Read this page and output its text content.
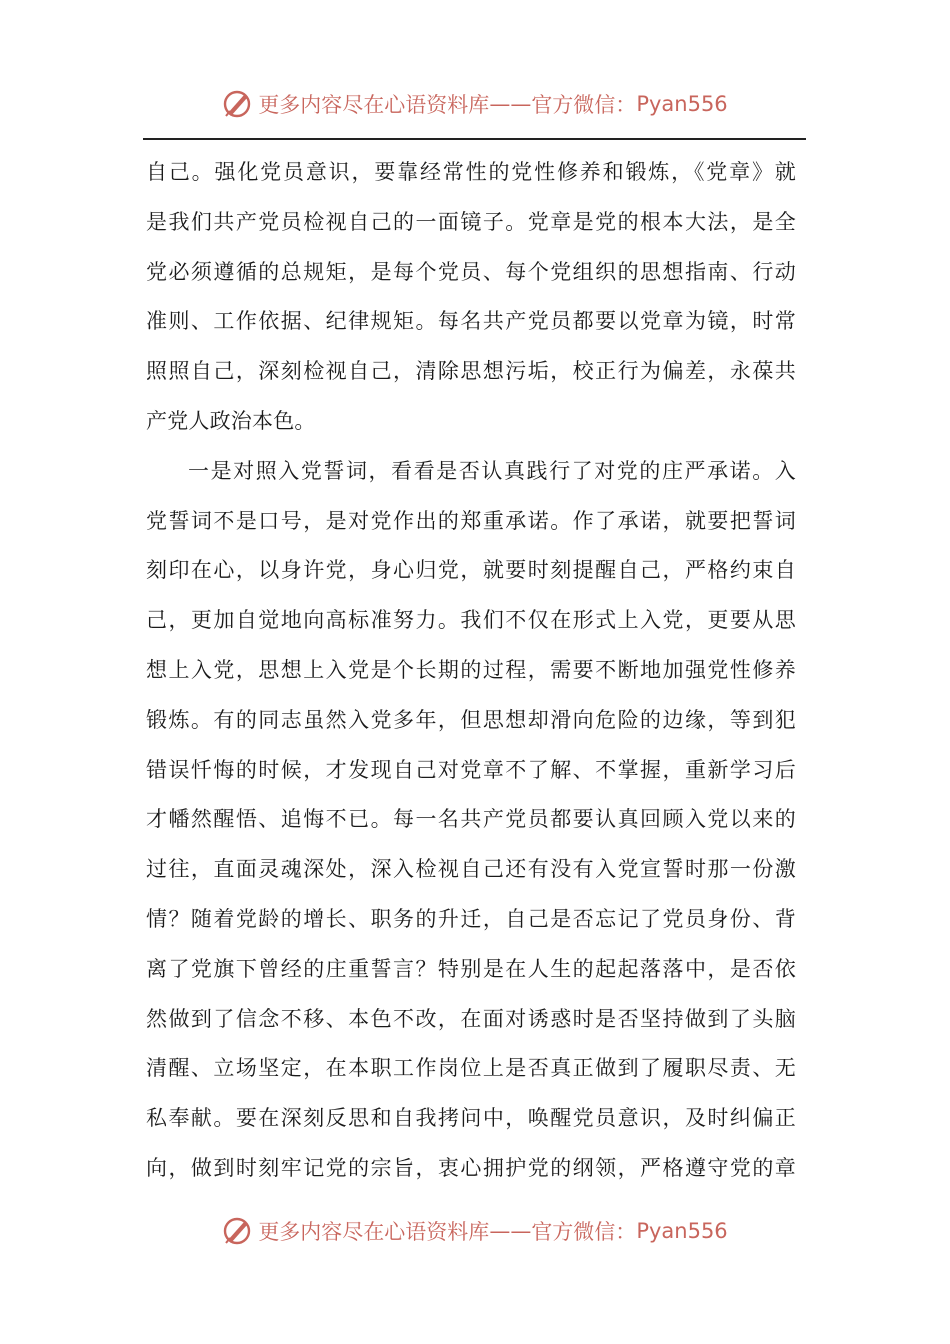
更多内容尽在心语资料库 —— 官方微信： Pyan556
自己。强化党员意识，要靠经常性的党性修养和锻炼，《党章》就
是我们共产党员检视自己的一面镜子。党章是党的根本大法，是全
党必须遵循的总规矩，是每个党员、每个党组织的思想指南、行动
准则、工作依据、纪律规矩。每名共产党员都要以党章为镜，时常
照照自己，深刻检视自己，清除思想污垢，校正行为偏差，永葆共
产党人政治本色。
一是对照入党誓词，看看是否认真践行了对党的庄严承诺。入
党誓词不是口号，是对党作出的郑重承诺。作了承诺，就要把誓词
刻印在心，以身许党，身心归党，就要时刻提醒自己，严格约束自
己，更加自觉地向高标准努力。我们不仅在形式上入党，更要从思
想上入党，思想上入党是个长期的过程，需要不断地加强党性修养
锻炼。有的同志虽然入党多年，但思想却滑向危险的边缘，等到犯
错误忏悔的时候，才发现自己对党章不了解、不掌握，重新学习后
才幡然醒悟、追悔不已。每一名共产党员都要认真回顾入党以来的
过往，直面灵魂深处，深入检视自己还有没有入党宣誓时那一份激
情？随着党龄的增长、职务的升迁，自己是否忘记了党员身份、背
离了党旗下曾经的庄重誓言？特别是在人生的起起落落中，是否依
然做到了信念不移、本色不改，在面对诱惑时是否坚持做到了头脑
清醒、立场坚定，在本职工作岗位上是否真正做到了履职尽责、无
私奉献。要在深刻反思和自我拷问中，唤醒党员意识，及时纠偏正
向，做到时刻牢记党的宗旨，衷心拥护党的纲领，严格遵守党的章
更多内容尽在心语资料库 —— 官方微信： Pyan556
